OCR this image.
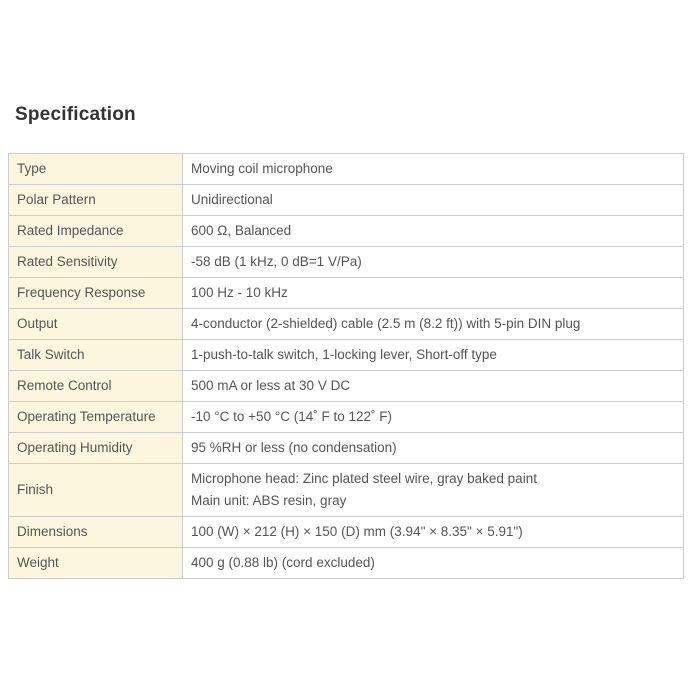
Specification
Type	Moving coil microphone

Polar Pattern	Unidirectional

Rated Impedance	600 Ω, Balanced

Rated Sensitivity	-58 dB (1 kHz, 0 dB=1 V/Pa)

Frequency Response	100 Hz - 10 kHz

Output	4-conductor (2-shielded) cable (2.5 m (8.2 ft)) with 5-pin DIN plug

Talk Switch	1-push-to-talk switch, 1-locking lever, Short-off type

Remote Control	500 mA or less at 30 V DC

Operating Temperature	-10 °C to +50 °C (14˚ F to 122˚ F)

Operating Humidity	95 %RH or less (no condensation)

Finish	Microphone head: Zinc plated steel wire, gray baked paint
Main unit: ABS resin, gray

Dimensions	100 (W) × 212 (H) × 150 (D) mm (3.94" × 8.35" × 5.91")

Weight	400 g (0.88 lb) (cord excluded)
